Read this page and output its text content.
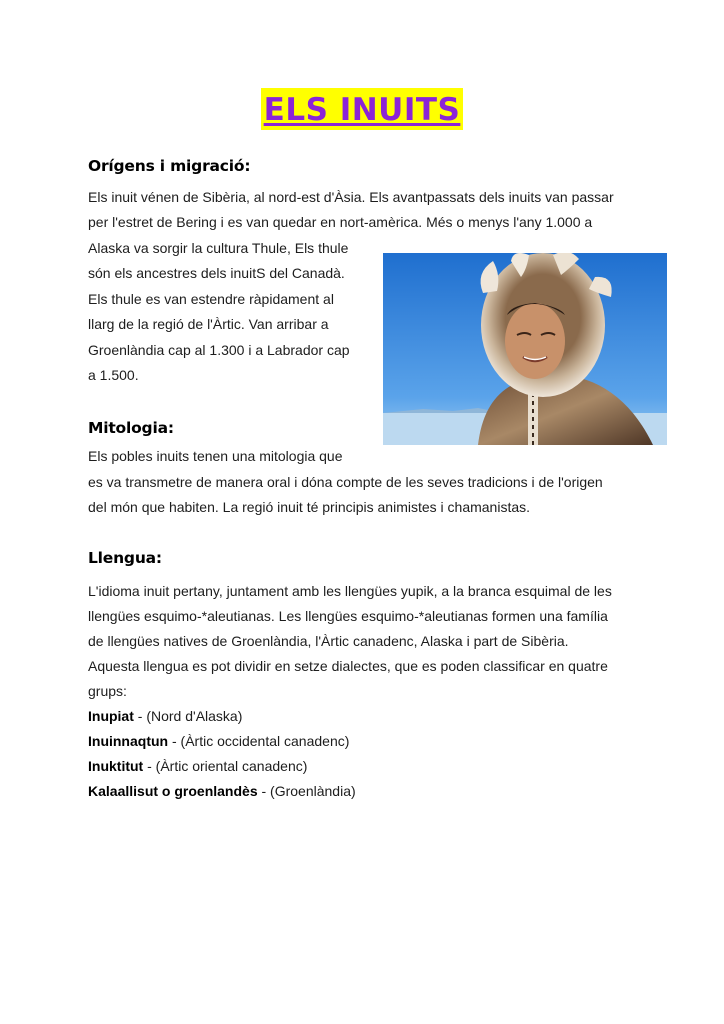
ELS INUITS
Orígens i migració:
Els inuit vénen de Sibèria, al nord-est d'Àsia. Els avantpassats dels inuits van passar
per l'estret de Bering i es van quedar en nort-amèrica. Més o menys l'any 1.000 a
Alaska va sorgir la cultura Thule, Els thule
són els ancestres dels inuitS del Canadà.
Els thule es van estendre ràpidament al
llarg de la regió de l'Àrtic. Van arribar a
Groenlàndia cap al 1.300 i a Labrador cap
a 1.500.
Mitologia:
Els pobles inuits tenen una mitologia que
es va transmetre de manera oral i dóna compte de les seves tradicions i de l'origen
del món que habiten. La regió inuit té principis animistes i chamanistas.
Llengua:
L'idioma inuit pertany, juntament amb les llengües yupik, a la branca esquimal de les
llengües esquimo-*aleutianas. Les llengües esquimo-*aleutianas formen una família
de llengües natives de Groenlàndia, l'Àrtic canadenc, Alaska i part de Sibèria.
Aquesta llengua es pot dividir en setze dialectes, que es poden classificar en quatre
grups:
Inupiat - (Nord d'Alaska)
Inuinnaqtun - (Àrtic occidental canadenc)
Inuktitut - (Àrtic oriental canadenc)
Kalaallisut o groenlandès - (Groenlàndia)
